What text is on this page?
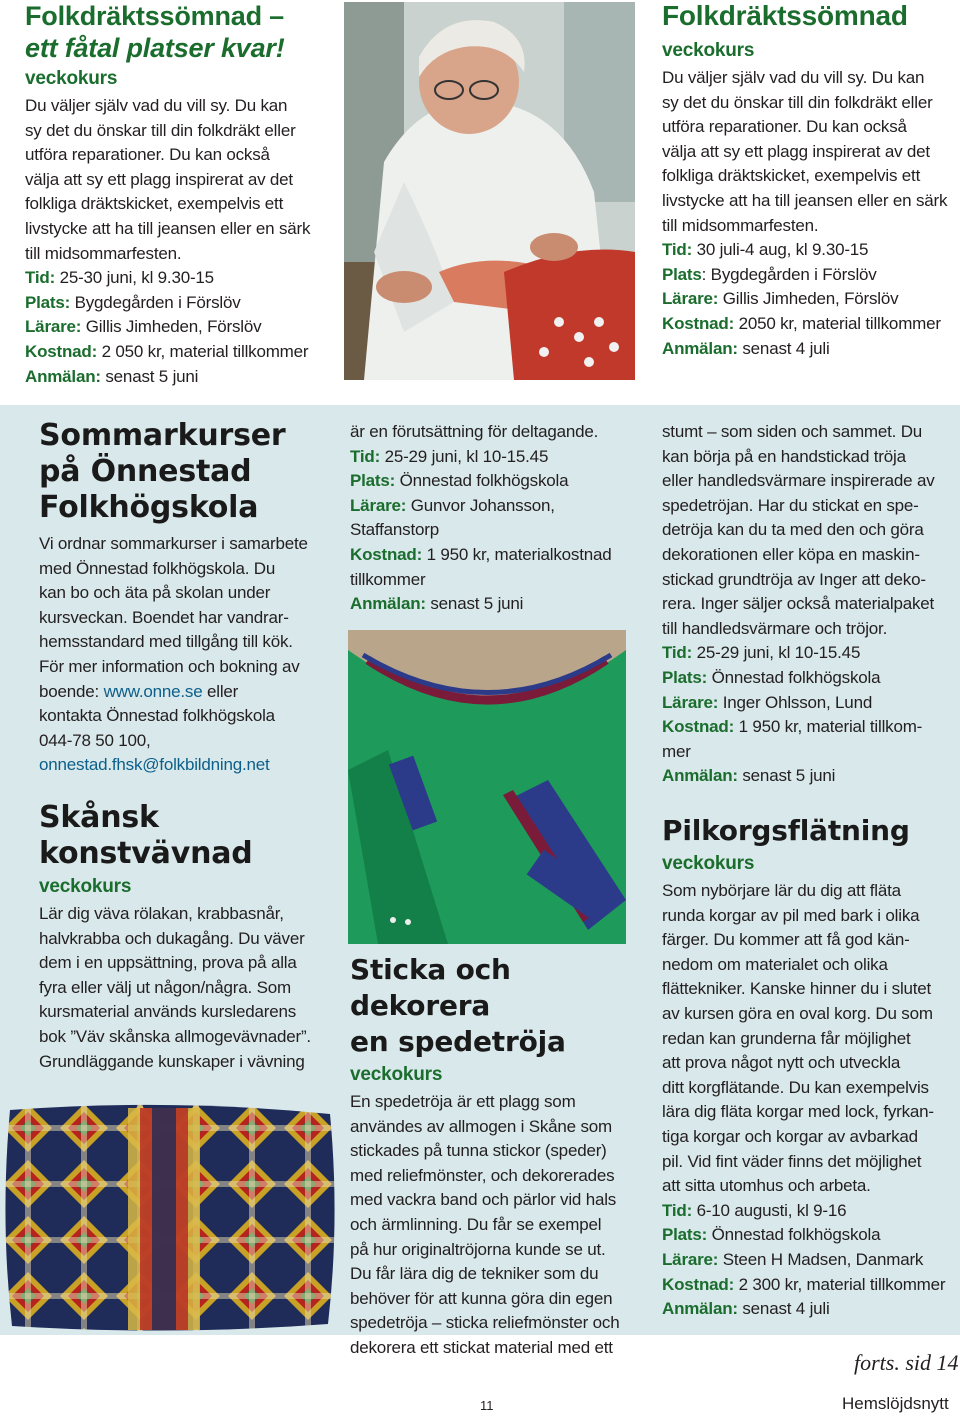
Folkdräktssömnad –

ett fåtal platser kvar!

veckokurs

Du väljer själv vad du vill sy. Du kan

sy det du önskar till din folkdräkt eller

utföra reparationer. Du kan också

välja att sy ett plagg inspirerat av det

folkliga dräktskicket, exempelvis ett

livstycke att ha till jeansen eller en särk

till midsommarfesten.

Tid: 25-30 juni, kl 9.30-15

Plats: Bygdegården i Förslöv

Lärare: Gillis Jimheden, Förslöv

Kostnad: 2 050 kr, material tillkommer

Anmälan: senast 5 juni

Folkdräktssömnad

veckokurs

Du väljer själv vad du vill sy. Du kan

sy det du önskar till din folkdräkt eller

utföra reparationer. Du kan också

välja att sy ett plagg inspirerat av det

folkliga dräktskicket, exempelvis ett

livstycke att ha till jeansen eller en särk

till midsommarfesten.

Tid: 30 juli-4 aug, kl 9.30-15

Plats: Bygdegården i Förslöv

Lärare: Gillis Jimheden, Förslöv

Kostnad: 2050 kr, material tillkommer

Anmälan: senast 4 juli

Sommarkurser

på Önnestad

Folkhögskola

Vi ordnar sommarkurser i samarbete

med Önnestad folkhögskola. Du

kan bo och äta på skolan under

kursveckan. Boendet har vandrar-

hemsstandard med tillgång till kök.

För mer information och bokning av

boende: www.onne.se eller

kontakta Önnestad folkhögskola

044-78 50 100,

onnestad.fhsk@folkbildning.net

Skånsk

konstvävnad

veckokurs

Lär dig väva rölakan, krabbasnår,

halvkrabba och dukagång. Du väver

dem i en uppsättning, prova på alla

fyra eller välj ut någon/några. Som

kursmaterial används kursledarens

bok ”Väv skånska allmogevävnader”.

Grundläggande kunskaper i vävning

är en förutsättning för deltagande.

Tid: 25-29 juni, kl 10-15.45

Plats: Önnestad folkhögskola

Lärare: Gunvor Johansson,

Staffanstorp

Kostnad: 1 950 kr, materialkostnad

tillkommer

Anmälan: senast 5 juni

Sticka och dekorera

en spedetröja

veckokurs

En spedetröja är ett plagg som

användes av allmogen i Skåne som

stickades på tunna stickor (speder)

med reliefmönster, och dekorerades

med vackra band och pärlor vid hals

och ärmlinning. Du får se exempel

på hur originaltröjorna kunde se ut.

Du får lära dig de tekniker som du

behöver för att kunna göra din egen

spedetröja – sticka reliefmönster och

dekorera ett stickat material med ett

stumt – som siden och sammet. Du

kan börja på en handstickad tröja

eller handledsvärmare inspirerade av

spedetröjan. Har du stickat en spe-

detröja kan du ta med den och göra

dekorationen eller köpa en maskin-

stickad grundtröja av Inger att deko-

rera. Inger säljer också materialpaket

till handledsvärmare och tröjor.

Tid: 25-29 juni, kl 10-15.45

Plats: Önnestad folkhögskola

Lärare: Inger Ohlsson, Lund

Kostnad: 1 950 kr, material tillkom-

mer

Anmälan: senast 5 juni

Pilkorgsflätning

veckokurs

Som nybörjare lär du dig att fläta

runda korgar av pil med bark i olika

färger. Du kommer att få god kän-

nedom om materialet och olika

flättekniker. Kanske hinner du i slutet

av kursen göra en oval korg. Du som

redan kan grunderna får möjlighet

att prova något nytt och utveckla

ditt korgflätande. Du kan exempelvis

lära dig fläta korgar med lock, fyrkan-

tiga korgar och korgar av avbarkad

pil. Vid fint väder finns det möjlighet

att sitta utomhus och arbeta.

Tid: 6-10 augusti, kl 9-16

Plats: Önnestad folkhögskola

Lärare: Steen H Madsen, Danmark

Kostnad: 2 300 kr, material tillkommer

Anmälan: senast 4 juli

forts. sid 14
11	Hemslöjdsnytt
